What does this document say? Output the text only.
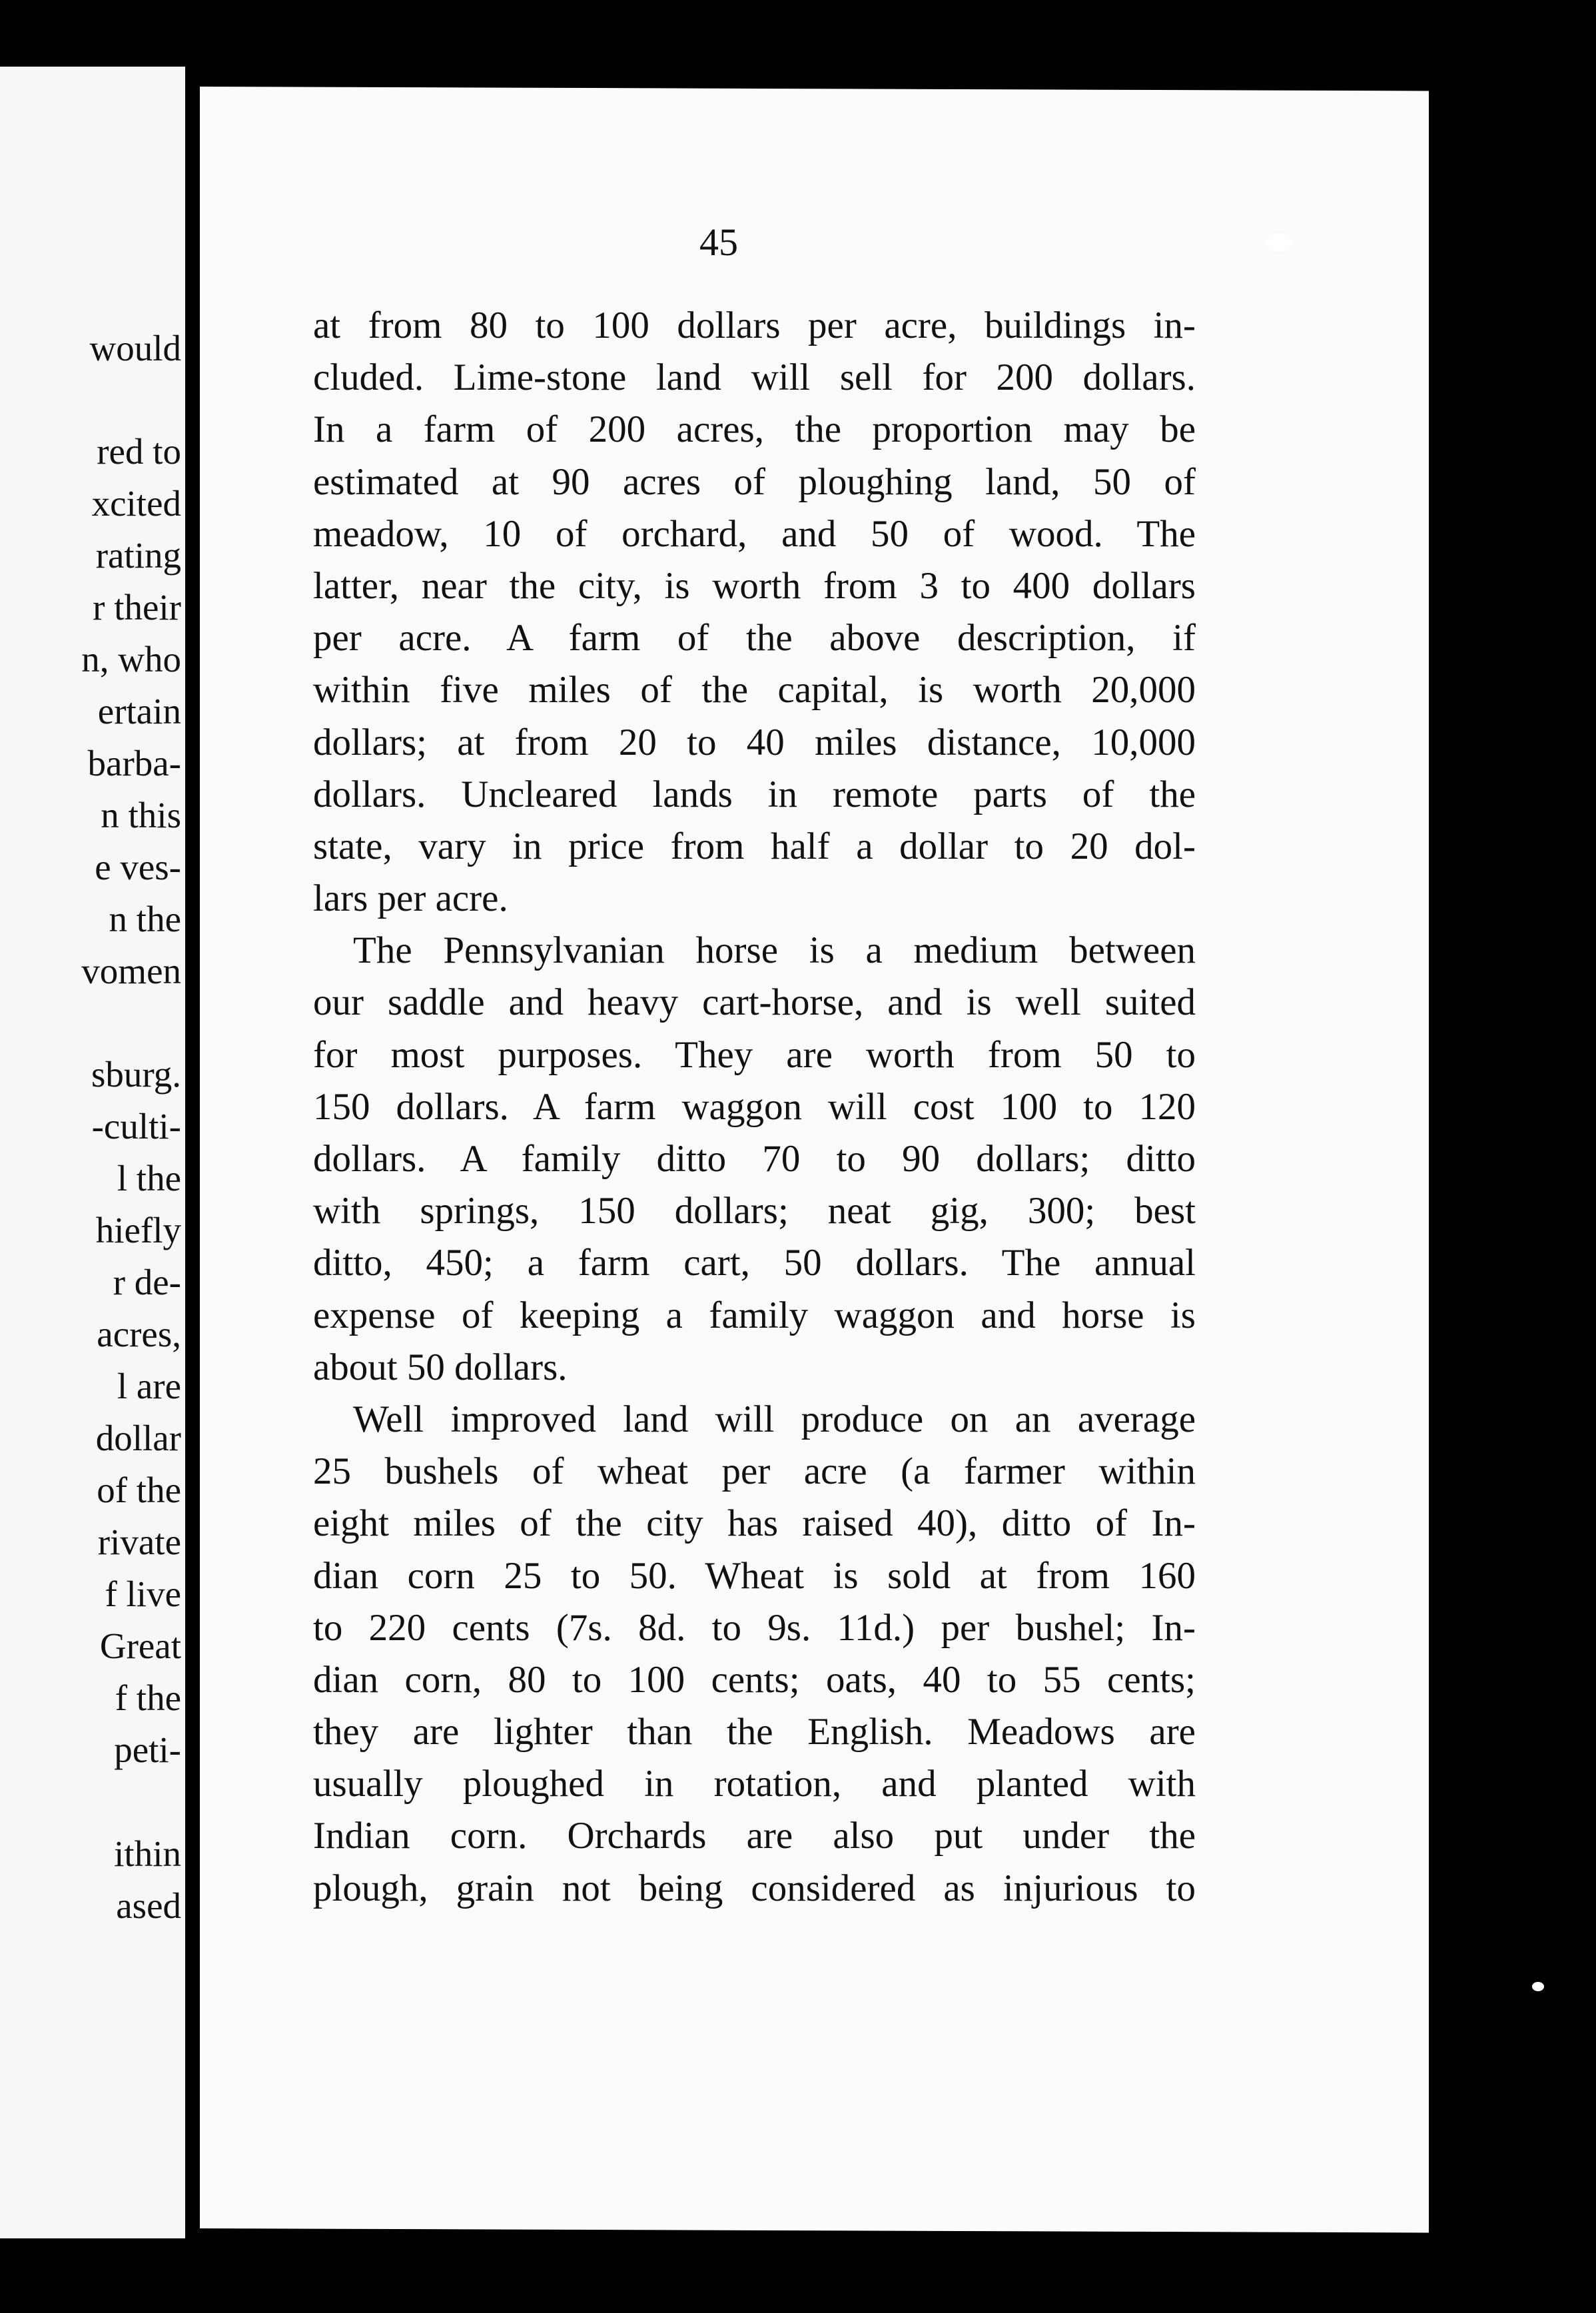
would
red to
xcited
rating
r their
n, who
ertain
barba-
n this
e ves-
n the
vomen
sburg.
-culti-
l the
hiefly
r de-
acres,
l are
dollar
of the
rivate
f live
Great
f the
peti-
ithin
ased
45

at from 80 to 100 dollars per acre, buildings in-
cluded. Lime-stone land will sell for 200 dollars.
In a farm of 200 acres, the proportion may be
estimated at 90 acres of ploughing land, 50 of
meadow, 10 of orchard, and 50 of wood. The
latter, near the city, is worth from 3 to 400 dollars
per acre. A farm of the above description, if
within five miles of the capital, is worth 20,000
dollars; at from 20 to 40 miles distance, 10,000
dollars. Uncleared lands in remote parts of the
state, vary in price from half a dollar to 20 dol-
lars per acre.

The Pennsylvanian horse is a medium between
our saddle and heavy cart-horse, and is well suited
for most purposes. They are worth from 50 to
150 dollars. A farm waggon will cost 100 to 120
dollars. A family ditto 70 to 90 dollars; ditto
with springs, 150 dollars; neat gig, 300; best
ditto, 450; a farm cart, 50 dollars. The annual
expense of keeping a family waggon and horse is
about 50 dollars.

Well improved land will produce on an average
25 bushels of wheat per acre (a farmer within
eight miles of the city has raised 40), ditto of In-
dian corn 25 to 50. Wheat is sold at from 160
to 220 cents (7s. 8d. to 9s. 11d.) per bushel; In-
dian corn, 80 to 100 cents; oats, 40 to 55 cents;
they are lighter than the English. Meadows are
usually ploughed in rotation, and planted with
Indian corn. Orchards are also put under the
plough, grain not being considered as injurious to
